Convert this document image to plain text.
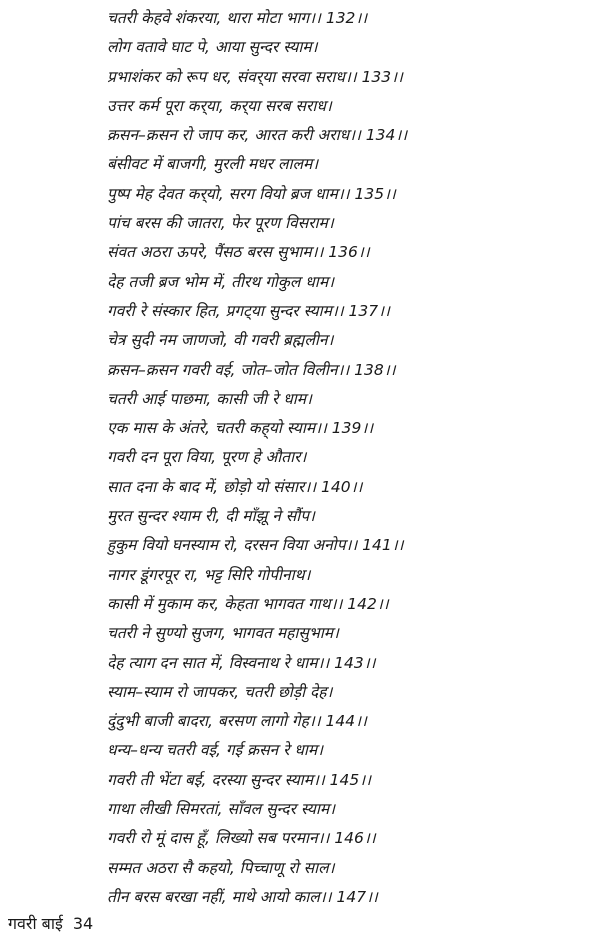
चतरी केहवे शंकरया, थारा मोटा भाग।। 132।।
लोग वतावे घाट पे, आया सुन्दर स्याम।
प्रभाशंकर को रूप धर, संवर्‌या सरवा सराध।। 133।।
उत्तर कर्म पूरा कर्‌या, कर्‌या सरब सराध।
क्रसन–क्रसन रो जाप कर, आरत करी अराध।। 134।।
बंसीवट में बाजगी, मुरली मधर लालम।
पुष्प मेह देवत कर्‌यो, सरग वियो ब्रज धाम।। 135।।
पांच बरस की जातरा, फेर पूरण विसराम।
संवत अठरा ऊपरे, पैंसठ बरस सुभाम।। 136।।
देह तजी ब्रज भोम में, तीरथ गोकुल धाम।
गवरी रे संस्कार हित, प्रगट्‌या सुन्दर स्याम।। 137।।
चेत्र सुदी नम जाणजो, वी गवरी ब्रह्मलीन।
क्रसन–क्रसन गवरी वई, जोत–जोत विलीन।। 138।।
चतरी आई पाछमा, कासी जी रे धाम।
एक मास के अंतरे, चतरी कह्‌यो स्याम।। 139।।
गवरी दन पूरा विया, पूरण हे औतार।
सात दना के बाद में, छोड़ो यो संसार।। 140।।
मुरत सुन्दर श्याम री, दी माँझू ने सौंप।
हुकुम वियो घनस्याम रो, दरसन विया अनोप।। 141।।
नागर डूंगरपूर रा, भट्ट सिरि गोपीनाथ।
कासी में मुकाम कर, केहता भागवत गाथ।। 142।।
चतरी ने सुण्यो सुजग, भागवत महासुभाम।
देह त्याग दन सात में, विस्वनाथ रे धाम।। 143।।
स्याम–स्याम रो जापकर, चतरी छोड़ी देह।
दुंदुभी बाजी बादरा, बरसण लागो गेह।। 144।।
धन्य–धन्य चतरी वई, गई क्रसन रे धाम।
गवरी ती भेंटा बई, दरस्या सुन्दर स्याम।। 145।।
गाथा लीखी सिमरतां, साँवल सुन्दर स्याम।
गवरी रो मूं दास हूँ, लिख्यो सब परमान।। 146।।
सम्मत अठरा सै कहयो, पिच्चाणू रो साल।
तीन बरस बरखा नहीं, माथे आयो काल।। 147।।
गवरी बाई 34
